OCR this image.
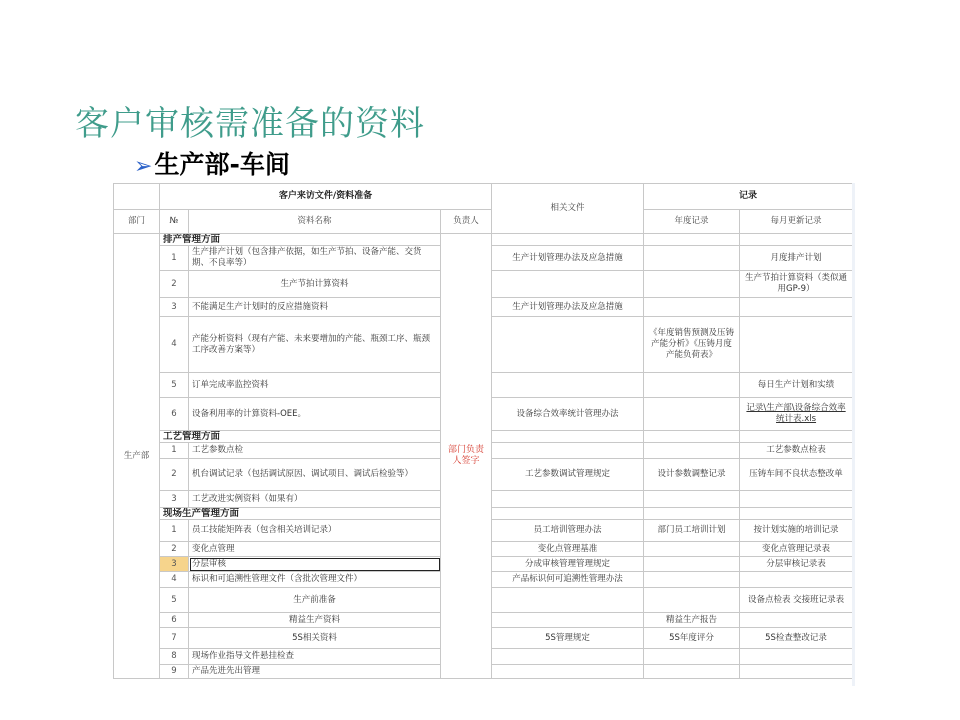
客户审核需准备的资料
➢生产部-车间
	客户来访文件/资料准备			相关文件	记录	
部门	№	资料名称	负责人		年度记录	每月更新记录
生产部	排产管理方面		部门负责人签字			
	1	生产排产计划（包含排产依据，如生产节拍、设备产能、交货期、不良率等）		生产计划管理办法及应急措施		月度排产计划
	2	生产节拍计算资料				生产节拍计算资料（类似通用GP-9）
	3	不能满足生产计划时的反应措施资料		生产计划管理办法及应急措施		
	4	产能分析资料（现有产能、未来要增加的产能、瓶颈工序、瓶颈工序改善方案等）			《年度销售预测及压铸产能分析》《压铸月度产能负荷表》	
	5	订单完成率监控资料				每日生产计划和实绩
	6	设备利用率的计算资料-OEE。		设备综合效率统计管理办法		记录\生产部\设备综合效率统计表.xls
	工艺管理方面					
	1	工艺参数点检				工艺参数点检表
	2	机台调试记录（包括调试原因、调试项目、调试后检验等）		工艺参数调试管理规定	设计参数调整记录	压铸车间不良状态整改单
	3	工艺改进实例资料（如果有）				
	现场生产管理方面					
	1	员工技能矩阵表（包含相关培训记录）		员工培训管理办法	部门员工培训计划	按计划实施的培训记录
	2	变化点管理		变化点管理基准		变化点管理记录表
	3	分层审核		分成审核管理管理规定		分层审核记录表
	4	标识和可追溯性管理文件（含批次管理文件）		产品标识何可追溯性管理办法		
	5	生产前准备				设备点检表 交接班记录表
	6	精益生产资料			精益生产报告	
	7	5S相关资料		5S管理规定	5S年度评分	5S检查整改记录
	8	现场作业指导文件悬挂检查				
	9	产品先进先出管理				
